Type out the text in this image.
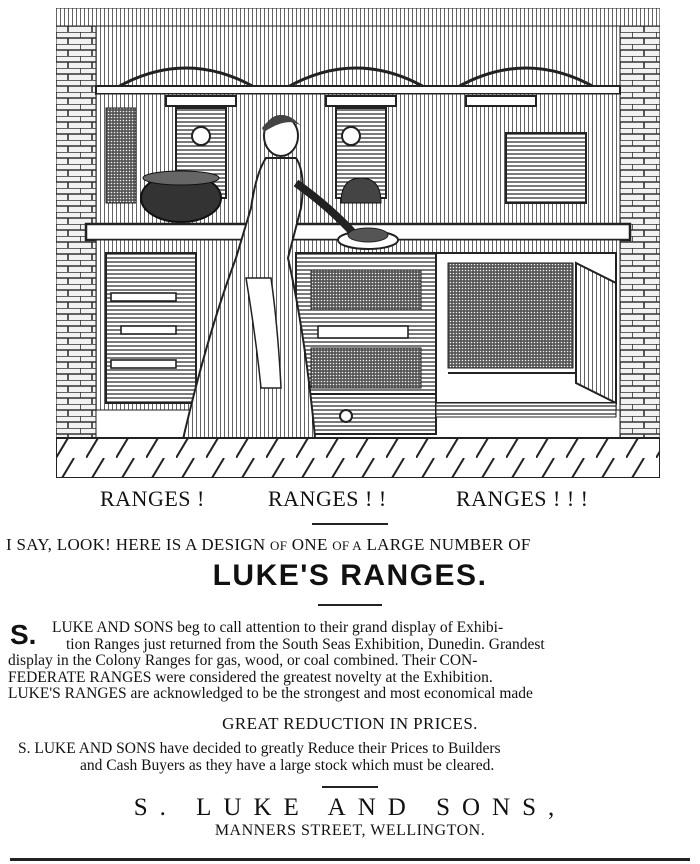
RANGES !	RANGES ! !	RANGES ! ! !
I SAY, LOOK! HERE IS A DESIGN OF ONE OF A LARGE NUMBER OF
LUKE'S RANGES.
S.	LUKE AND SONS beg to call attention to their grand display of Exhibi-
tion Ranges just returned from the South Seas Exhibition, Dunedin. Grandest
display in the Colony Ranges for gas, wood, or coal combined. Their CON-
FEDERATE RANGES were considered the greatest novelty at the Exhibition.
LUKE'S RANGES are acknowledged to be the strongest and most economical made
GREAT REDUCTION IN PRICES.
S. LUKE AND SONS have decided to greatly Reduce their Prices to Builders
and Cash Buyers as they have a large stock which must be cleared.
S. LUKE AND SONS,
MANNERS STREET, WELLINGTON.
